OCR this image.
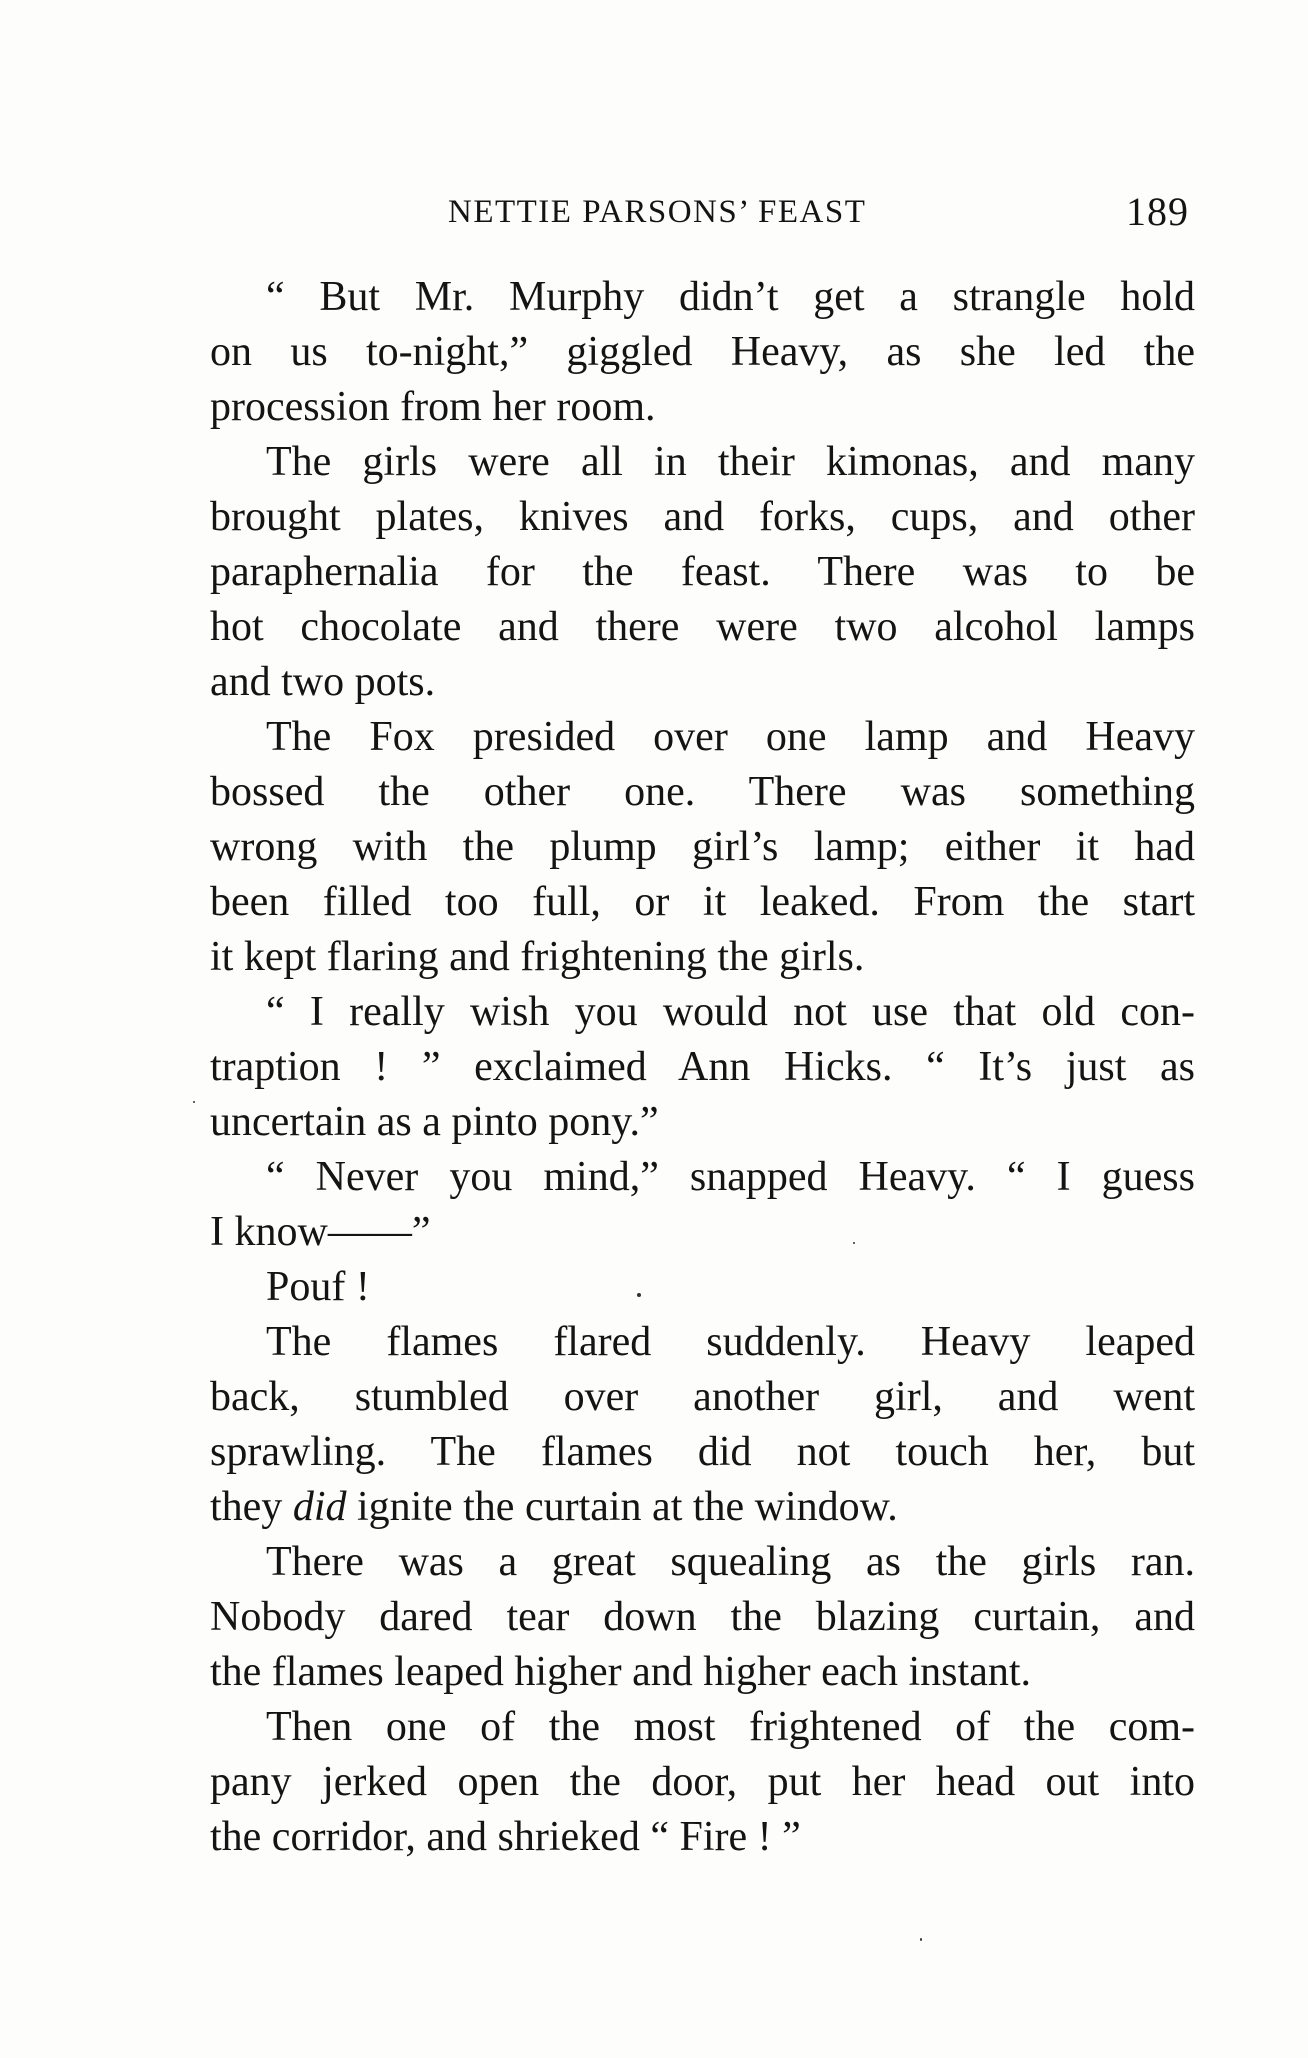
NETTIE PARSONS’ FEAST	189
“ But Mr. Murphy didn’t get a strangle hold
on us to-night,” giggled Heavy, as she led the
procession from her room.
The girls were all in their kimonas, and many
brought plates, knives and forks, cups, and other
paraphernalia for the feast. There was to be
hot chocolate and there were two alcohol lamps
and two pots.
The Fox presided over one lamp and Heavy
bossed the other one. There was something
wrong with the plump girl’s lamp; either it had
been filled too full, or it leaked. From the start
it kept flaring and frightening the girls.
“ I really wish you would not use that old con-
traption ! ” exclaimed Ann Hicks. “ It’s just as
uncertain as a pinto pony.”
“ Never you mind,” snapped Heavy. “ I guess
I know——”
Pouf !
The flames flared suddenly. Heavy leaped
back, stumbled over another girl, and went
sprawling. The flames did not touch her, but
they did ignite the curtain at the window.
There was a great squealing as the girls ran.
Nobody dared tear down the blazing curtain, and
the flames leaped higher and higher each instant.
Then one of the most frightened of the com-
pany jerked open the door, put her head out into
the corridor, and shrieked “ Fire ! ”
